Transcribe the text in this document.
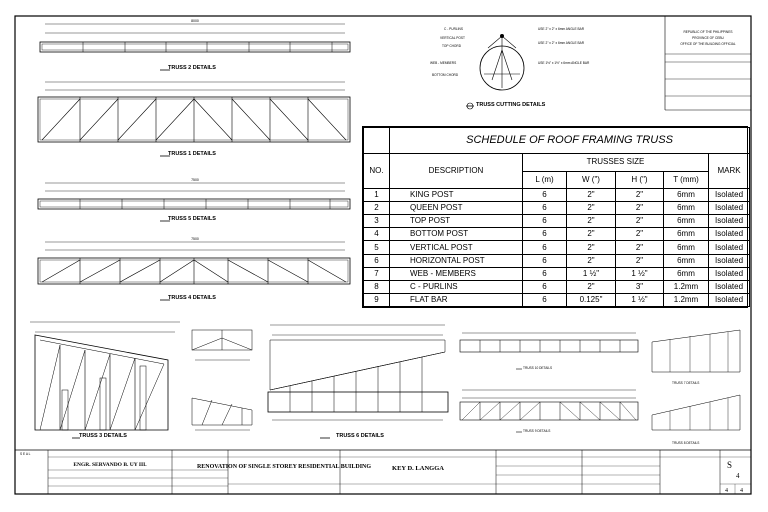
REPUBLIC OF THE PHILIPPINES
PROVINCE OF CEBU
OFFICE OF THE BUILDING OFFICIAL
8000
TRUSS 2 DETAILS
TRUSS 1 DETAILS
7500
TRUSS 5 DETAILS
7500
TRUSS 4 DETAILS
TRUSS 3 DETAILS	TRUSS 6 DETAILS
TRUSS 10 DETAILS
TRUSS 9 DETAILS
TRUSS 7 DETAILS
TRUSS 8 DETAILS
C - PURLINS
VERTICAL POST
TOP CHORD
WEB - MEMBERS
BOTTOM CHORD
USE 2" x 2" x 6mm ANGLE BAR
USE 2" x 2" x 6mm ANGLE BAR
USE 1½" x 1½" x 6mm ANGLE BAR
TRUSS CUTTING DETAILS
S E A L
ENGR. SERVANDO B. UY III.	RENOVATION OF SINGLE STOREY RESIDENTIAL BUILDING	KEY D. LANGGA	S
4
4 4
	SCHEDULE OF ROOF FRAMING TRUSS					
NO.	DESCRIPTION	TRUSSES SIZE				MARK
		L (m)	W (")	H (")	T (mm)	
1	KING POST	6	2"	2"	6mm	Isolated
2	QUEEN POST	6	2"	2"	6mm	Isolated
3	TOP POST	6	2"	2"	6mm	Isolated
4	BOTTOM POST	6	2"	2"	6mm	Isolated
5	VERTICAL POST	6	2"	2"	6mm	Isolated
6	HORIZONTAL POST	6	2"	2"	6mm	Isolated
7	WEB - MEMBERS	6	1 ½"	1 ½"	6mm	Isolated
8	C - PURLINS	6	2"	3"	1.2mm	Isolated
9	FLAT BAR	6	0.125"	1 ½"	1.2mm	Isolated
